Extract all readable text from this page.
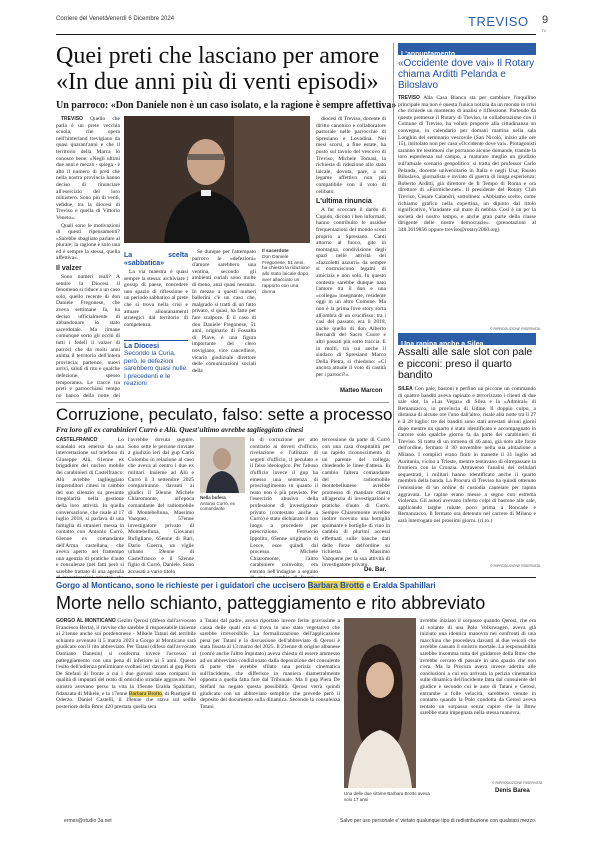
Corriere del Veneto
Venerdì 6 Dicembre 2024	TREVISO 9
TV
Quei preti che lasciano per amore
«In due anni più di venti episodi»
Un parroco: «Don Daniele non è un caso isolato, e la ragione è sempre affettiva»

TREVISO Quello che parla è un prete vecchia scuola, che opera nell'hinterland trevigiano da quasi quarant'anni e che il territorio della Marca lo conosce bene: «Negli ultimi due anni e mezzo - spiega - è alto il numero di preti che nella nostra provincia hanno deciso di rinunciare all'esercizio del loro ministero. Sono più di venti, vetidue, tra la diocesi di Treviso e quella di Vittorio Veneto».

Quali sono le motivazioni di questi ripensamenti? «Sarebbe sbagliato parlare al plurale: la ragione è solo una ed è sempre la stessa, quella affettiva».

Il valzer

Sono numeri reali? A sentire la Diocesi il fenomeno si riduce a un caso solo, quello recente di don Daniele Fregonese, che aveva settimane fa, ha deciso ufficialmente di abbandonare lo stato sacerdotale. Ma rimane comunque sorto gli occhi di tutti i fedeli il valzer di parroci che da molti anni anima il territorio dell'intera provincia: partenze, nuovi arrivi, saluti di rito e qualche defezione, spesso temporanea. Le tracce tra preti e parrocchiani tempo no banco della notte dei

La scelta «sabbatica»

La via maestra è quasi sempre la stessa: archiviare i gossip di paese, concedere uno spazio di riflessione e un periodo sabbatico al prete che si trova nella crisi e attuare allontanamenti strategici dal territorio di competenza.

La Diocesi
Secondo la Curia, però, le defezioni sarebbero quasi nulle. I precedenti e le reazioni

Se dunque per l'attempato parroco le «defezioni» d'amore sarebbero una ventina, secondo gli ambienti curiali sono molte di meno, anzi quasi nessuna. In mezzo a questi numeri ballerini c'è un caso che, malgrado si tratti di un fatto privato, si quasi, ha fatto per fare scalpore. È il caso di don Daniele Fregonese, 51 anni, originario di Fossalta di Piave, è una figura importante del clero trevigiano, vice cancelliere, vicario giudiziale direttore delle comunicazioni sociali della

Il sacerdote
Don Daniele Fregonese, 51 anni, ha chiesto la riduzione allo stato laicale dopo aver allacciato un rapporto con una donna

diocesi di Treviso, docente di diritto canonico e collaboratore pastorale nelle parrocchie di Spresiano e Lovadina. Nei mesi scorsi, a fine estate, ha posto sul tavolo del vescovo di Treviso, Michele Tomasi, la richiesta di riduzione allo stato laicale, dovuta, pare, a un legame affettivo non più compatibile con il voto di celibato.

L'ultima rinuncia

A far scoccare il dardo di Cupido, dicono i ben informati, hanno contribuito le assidue frequentazioni del mondo scout proprio a Spresiano. Canti attorno al fuoco, gite in montagna, condivisione degli spazi nelle attività dei «fazzoletti azzurri» da sempre si costruiscono legami di amicizia e non solo. In questo contesto sarebbe dunque nato l'amore tra il don e una «collega» insegnante, residente oggi in un altro Comune. Ma non è la prima love story sorta all'ombra di un crucifisso: tra i casi del passato, era il 2018, anche quello di don Alberto Bernardi del Sacro Cuore e altri passati più sotto traccia. E in molti, tra cui anche il sindaco di Spresiano Marco Della Pietra, si chiedono: «Ci ancora attuale il voto di castità per i parroci?».

Matteo Marcon
L'appuntamento
«Occidente dove vai» Il Rotary chiama Arditti Pelanda e Biloslavo

TREVISO Alla Casa Bianca sta per cambiare l'inquilino principale ma non è questa l'unica notizia da un mondo in crisi che richiede un momento di analisi e riflessione. Partendo da queste premesse il Rotary di Treviso, in collaborazione con il Comune di Treviso, ha voluto proporre alla cittadinanza un convegno, in calendario per domani mattina nella sala Longhin del seminario vescovile (San Nicolò, inizio alle ore 15), intitolato non per caso «Occidente dove vai». Protagonisti saranno tre testimoni che porranno alcune domande, tramite la loro esperienza sul campo, a maturare meglio un giudizio sull'attuale scenario geopolitico: si tratta del professor Carlo Pelanda, docente universitario in Italia e negli Usa; Fausto Biloslavo, giornalista e inviato di guerra di lunga esperienza; Roberto Arditti, già direttore de Il Tempo di Roma e ora direttore di «Formiche.net». Il presidente del Rotary Club Treviso, Cesare Calandri, sottolinea: «Abbiamo scelto, come richiamo grafico nella copertina, un dipinto dal titolo significativo, Viandante sul mare di nebbia. Così è un po' la società del nostro tempo, e anche gran parte della classe dirigente delle nostre democrazie». (prenotazioni al 348.3619856 oppure treviso@rotary2060.org)

© RIPRODUZIONE RISERVATA
Una rapina anche a Silea
Assalti alle sale slot con pale e picconi: preso il quarto bandito

SILEA Con pale, bastoni e perfino un piccone un commando di quattro banditi aveva rapinato e terrorizzato i clienti di due sale slot, la «Las Vegas» di Silea e la «Admiral» di Remanzacco, in provincia di Udine. Il doppio colpo, a distanza di alcune ore l'uno dall'altro, risale alla notte tra il 27 e il 28 luglio: tre dei banditi sono stati arrestati alcuni giorni dopo mentre un quarto è stato identificato e accompagnato in carcere solo qualche giorno fa da parte dei carabinieri di Treviso. Si tratta di un romeno di 46 anni, già noto alle forze dell'ordine, fermato il 30 novembre nella sua abitazione a Milano. I complici erano finiti in manette il 31 luglio ad Auritania, vicino a Trieste, mentre tentavano di oltrepassare la frontiera con la Croazia. Attraverso l'analisi dei cellulari sequestrati, i militari hanno identificato anche il quarto membro della banda. La Procura di Treviso ha quindi ottenuto l'emissione di un ordine di custodia cautelare per rapina aggravata. Le rapine erano messe a segno con estrema violenza. Gli autori avevano inferto colpi di bastone alle sale, applicando targhe rubate poco prima a Roncade e Remanzacco. Il fermato ora detenuto nel carcere di Milano e sarà interrogato nei prossimi giorni. (ri.ro.)

© RIPRODUZIONE RISERVATA
Corruzione, peculato, falso: sette a processo
Fra loro gli ex carabinieri Currò e Alù. Quest'ultimo avrebbe taglieggiato cinesi

CASTELFRANCO	Lo scandalo era emerso da una intercettazione sul telefono di Giuseppe Alù, 61enne ex brigadiere del nucleo mobile dei carabinieri di Castelfranco: Alù avrebbe taglieggiato imprenditori cinesi in cambio del suo silenzio su presunte irregolarità nella gestione della loro attività. In quella conversazione, che risale al 17 luglio 2018, si parlava di una famiglia di stranieri messa in contatto con Antonio Currò, 63enne ex comandante dell'Arma castellana, che aveva aperto nel frattempo una agenzia di pratiche d'auto e consulenze (nei fatti però si sarebbe trattato di una agenzia

l'avrebbe dovuta seguire. Sono sette le persone rinviate a giudizio ieri dal gup Carlo Colombo in relazione al caso che aveva al centro i due ex militari. Insieme ad Alù e Currò il 3 settembre 2025 compariranno davanti ai giudici il 50enne Michele Chiaromonte, all'epoca comandante del radiomobile di Montebelluna, Massimo Vazquez, 57enne investigatore privato di Montebelluna, Giovanni Rufigliano, 65enne di Bari, Dario Guerra, un vigile urbano 59enne di Castelfranco e il 52enne figlio di Currò, Daniele. Sono accusati a vario titolo

Nella bufera
Antonio Currò, ex comandante

lo di corruzione per atto contrario ai doveri d'ufficio, rivelazione e l'utilizzo di segreti d'ufficio, il peculato e il falso ideologico. Per l'abuso d'ufficio invece il gup ha emesso una sentenza di proscioglimento in quanto il reato non è più previsto. Per l'esercizio abusivo della professione di investigatore privato (contestato anche a Currò) è stato dichiarato il non luogo a procedere per prescrizione. Ferruccio Ippolito, 65enne originario di Lecce, esce quindi dal processo. Michele Chiaromonte, l'altro carabiniere coinvolto, era entrato nell'indagine a seguito

tercessione da parte di Currò con una casa d'ospitalità per un rapido riconoscimento di un parente del collega, chiedendo le linee d'attesa. In cambio l'altera comandante del radiomobile montebellunese avrebbe promesso di mandare clienti all'agenzia di investigazioni e pratiche d'auto di Currò. Sempre Chiaromonte avrebbe inoltre ricevuto una bottiglia spumante e bottiglie di vino in cambio di plurimi accessi effettuati sulle banche dati delle forze dell'ordine su richiesta di Massimo Vazquene per la sua attività di investigatore privato.

De. Bar.
Gorgo al Monticano, sono le richieste per i guidatori che uccisero Barbara Brotto e Eralda Spahillari
Morte nello schianto, patteggiamento e rito abbreviato

GORGO AL MONTICANO Gezim Qerosi (difeso dall'avvocato Francesco Berta), il ravvise che sarebbe il responsabile insieme al 21enne anche sui pordenonese - Mikele Tatani del terribile schianto avvenuto il 5 marzo 2023 a Gorgo al Monticano sarà giudicato con il rito abbreviato. Per Tatani (difeso dall'avvocato Damiano Danesin) si conferma invece l'accesso al patteggiamento con una pena di inferiore ai 5 anni. Questo l'esito dell'udienza preliminare svoltasi ieri davanti al gup Piera De Stefani di fronte a cui i due giovani sono comparsi in qualità di imputati del reato di omicidio stradale aggravato. Nel sinistro avevano perso la vita la 19enne Eralda Spahillari, fidanzata di Mikele, e la 17enne Barbara Brotto, di Rustignè di Oderzo. Daniel Castelli, il 19enne che stava sul sedile posteriore della Bmw 420 prestata quella sera

a Tatani dal padre, aveva riportato invece ferite gravissime a causa delle quali era si trova in uno stato vegetativo che sarebbe irreversibile. La formalizzazione dell'applicazione pena per Tatani e la discussione dell'abbreviato di Qerosi è stata fissata al 13 marzo del 2025. Il 21enne di origine albanese (com'è anche l'altro imputato) aveva chiesto di essere ammesso ad un abbreviato condizionato dalla deposizione del consulente di parte che avrebbe sfilato una perizia cinematica sull'incidente, che differisce in maniera diametralmente opposta a quella fatta fare dal Tribunale. Ma il gup Piera De Stefani ha negato questa possibilità: Qerosi verrà quindi giudicato con un abbreviato semplice che prevede però il deposito del documento sulla dinamica. Secondo la consulenza Tatani

avrebbe iniziato il sorpasso quando Qerosi, che era al volante di una Polo Volkswagen, aveva già iniziato una identica manovra nei confronti di una macchina che procedeva davanti al due veicoli che avrebbe causato il sinistro mortale. La responsabilità sarebbe insomma tutta del guidatore della Bmw che avrebbe cercato di passare in uno spazio che non c'era. Ma la Procura aveva invece aderito alle conclusioni a cui era arrivata la perizia cinematica sulle dinamica dell'incidente fatta dal consulente del giudice e secondo cui le auto di Tatani e Gerosi, entrambe a folle velocità, sarebbero venute in contatto quando la Polo condotta da Gerosi aveva tentato un sorpasso senza capire che la Bmw sarebbe stata impegnata nella stessa manovra.

© RIPRODUZIONE RISERVATA
Denis Barea
Una delle due vittime Barbara Brotto aveva solo 17 anni
ermes@studio 3a.net	Salvo per uso personale e' vietato qualunque tipo di redistribuzione con qualsiasi mezzo.
